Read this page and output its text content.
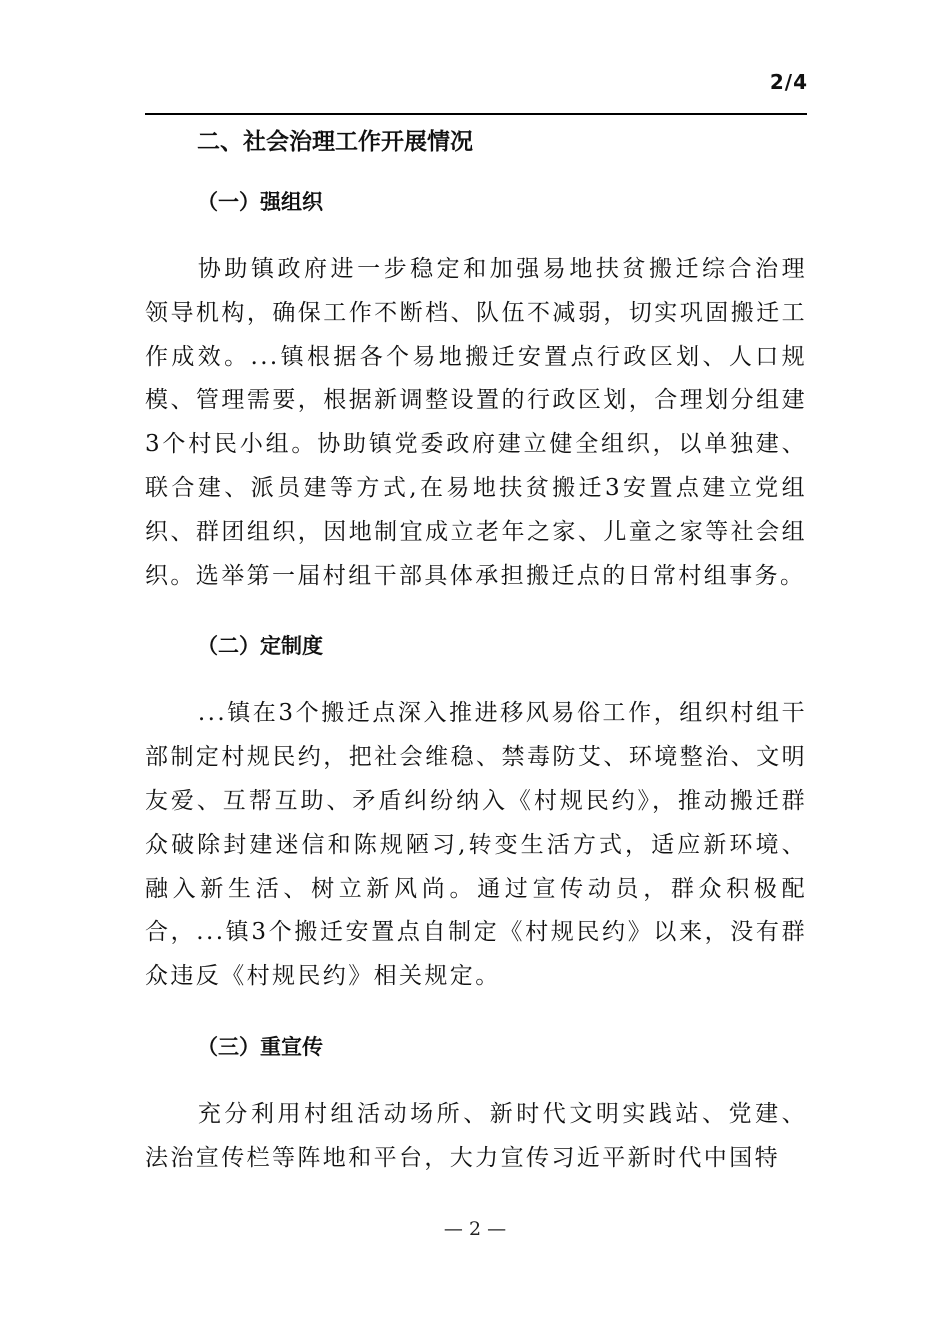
2/4
二、社会治理工作开展情况
（一）强组织

协助镇政府进一步稳定和加强易地扶贫搬迁综合治理领导机构，确保工作不断档、队伍不减弱，切实巩固搬迁工作成效。...镇根据各个易地搬迁安置点行政区划、人口规模、管理需要，根据新调整设置的行政区划，合理划分组建3个村民小组。协助镇党委政府建立健全组织，以单独建、联合建、派员建等方式,在易地扶贫搬迁3安置点建立党组织、群团组织，因地制宜成立老年之家、儿童之家等社会组织。选举第一届村组干部具体承担搬迁点的日常村组事务。

（二）定制度

...镇在3个搬迁点深入推进移风易俗工作，组织村组干部制定村规民约，把社会维稳、禁毒防艾、环境整治、文明友爱、互帮互助、矛盾纠纷纳入《村规民约》，推动搬迁群众破除封建迷信和陈规陋习,转变生活方式，适应新环境、融入新生活、树立新风尚。通过宣传动员，群众积极配合，...镇3个搬迁安置点自制定《村规民约》以来，没有群众违反《村规民约》相关规定。

（三）重宣传

充分利用村组活动场所、新时代文明实践站、党建、法治宣传栏等阵地和平台，大力宣传习近平新时代中国特

— 2 —
